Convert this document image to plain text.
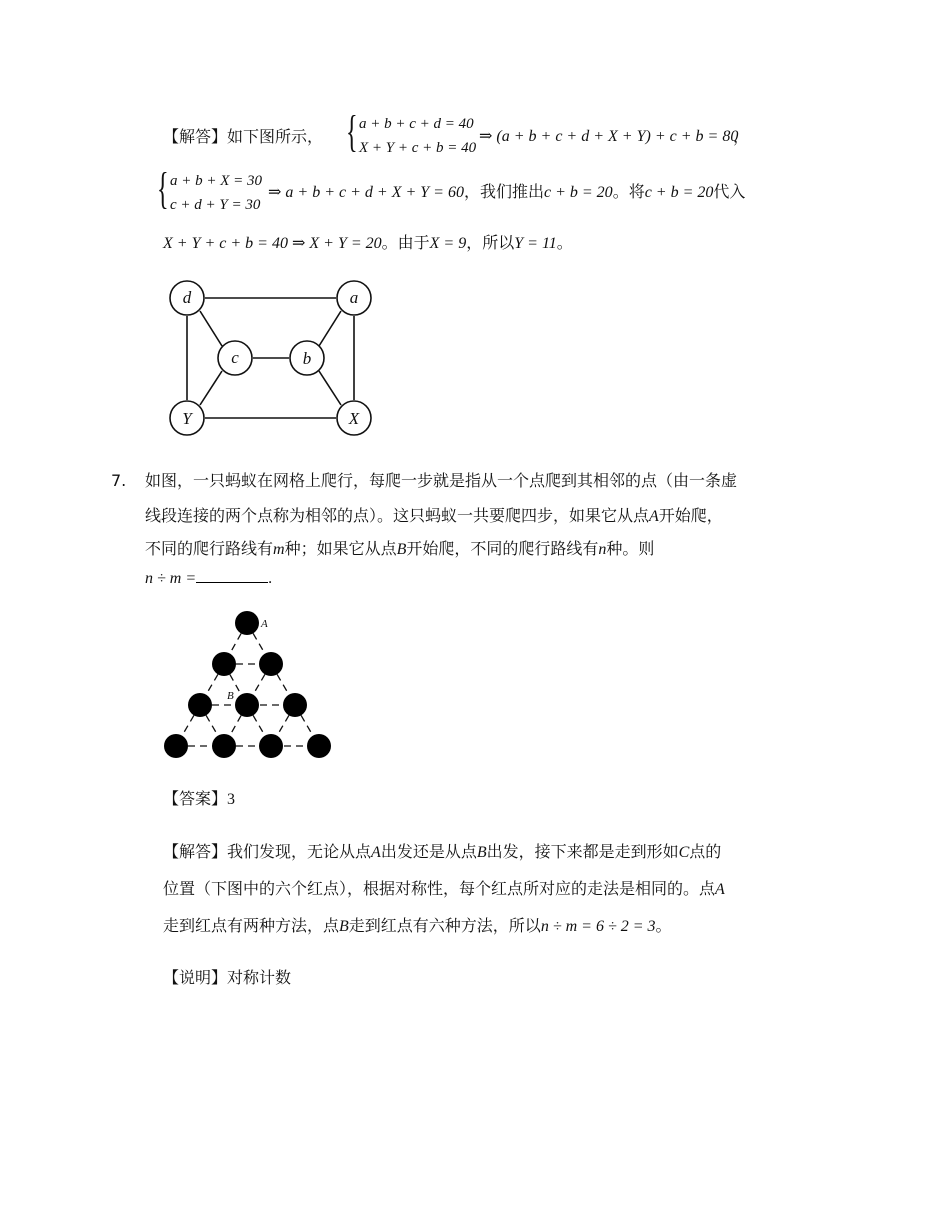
【解答】如下图所示， { a + b + c + d = 40
X + Y + c + b = 40
⇒ (a + b + c + d + X + Y) + c + b = 80
，
{ a + b + X = 30
c + d + Y = 30
⇒ a + b + c + d + X + Y = 60，我们推出c + b = 20。将c + b = 20代入
X + Y + c + b = 40 ⇒ X + Y = 20。由于X = 9，所以Y = 11。
d	a
c	b
Y	X
7. 如图，一只蚂蚁在网格上爬行，每爬一步就是指从一个点爬到其相邻的点（由一条虚
线段连接的两个点称为相邻的点）。这只蚂蚁一共要爬四步，如果它从点A开始爬，
不同的爬行路线有m种；如果它从点B开始爬，不同的爬行路线有n种。则
n ÷ m =	.
A
B
【答案】3
【解答】我们发现，无论从点A出发还是从点B出发，接下来都是走到形如C点的
位置（下图中的六个红点），根据对称性，每个红点所对应的走法是相同的。点A
走到红点有两种方法，点B走到红点有六种方法，所以n ÷ m = 6 ÷ 2 = 3。
【说明】对称计数
